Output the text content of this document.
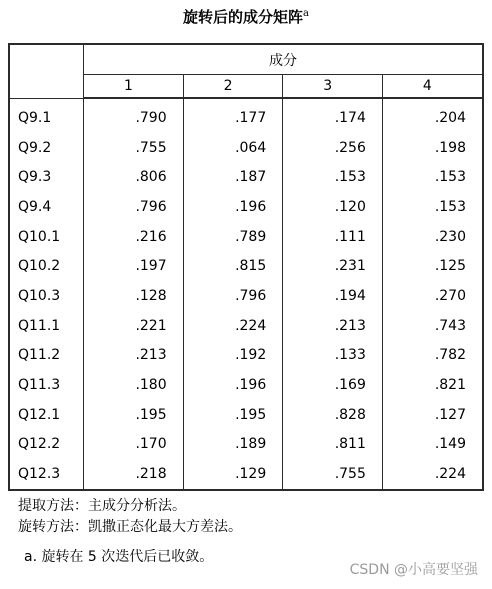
旋转后的成分矩阵$^a$
	成分			
	1	2	3	4
Q9.1	.790	.177	.174	.204
Q9.2	.755	.064	.256	.198
Q9.3	.806	.187	.153	.153
Q9.4	.796	.196	.120	.153
Q10.1	.216	.789	.111	.230
Q10.2	.197	.815	.231	.125
Q10.3	.128	.796	.194	.270
Q11.1	.221	.224	.213	.743
Q11.2	.213	.192	.133	.782
Q11.3	.180	.196	.169	.821
Q12.1	.195	.195	.828	.127
Q12.2	.170	.189	.811	.149
Q12.3	.218	.129	.755	.224
提取方法：主成分分析法。
旋转方法：凯撒正态化最大方差法。
a. 旋转在 5 次迭代后已收敛。
CSDN @小高要坚强
